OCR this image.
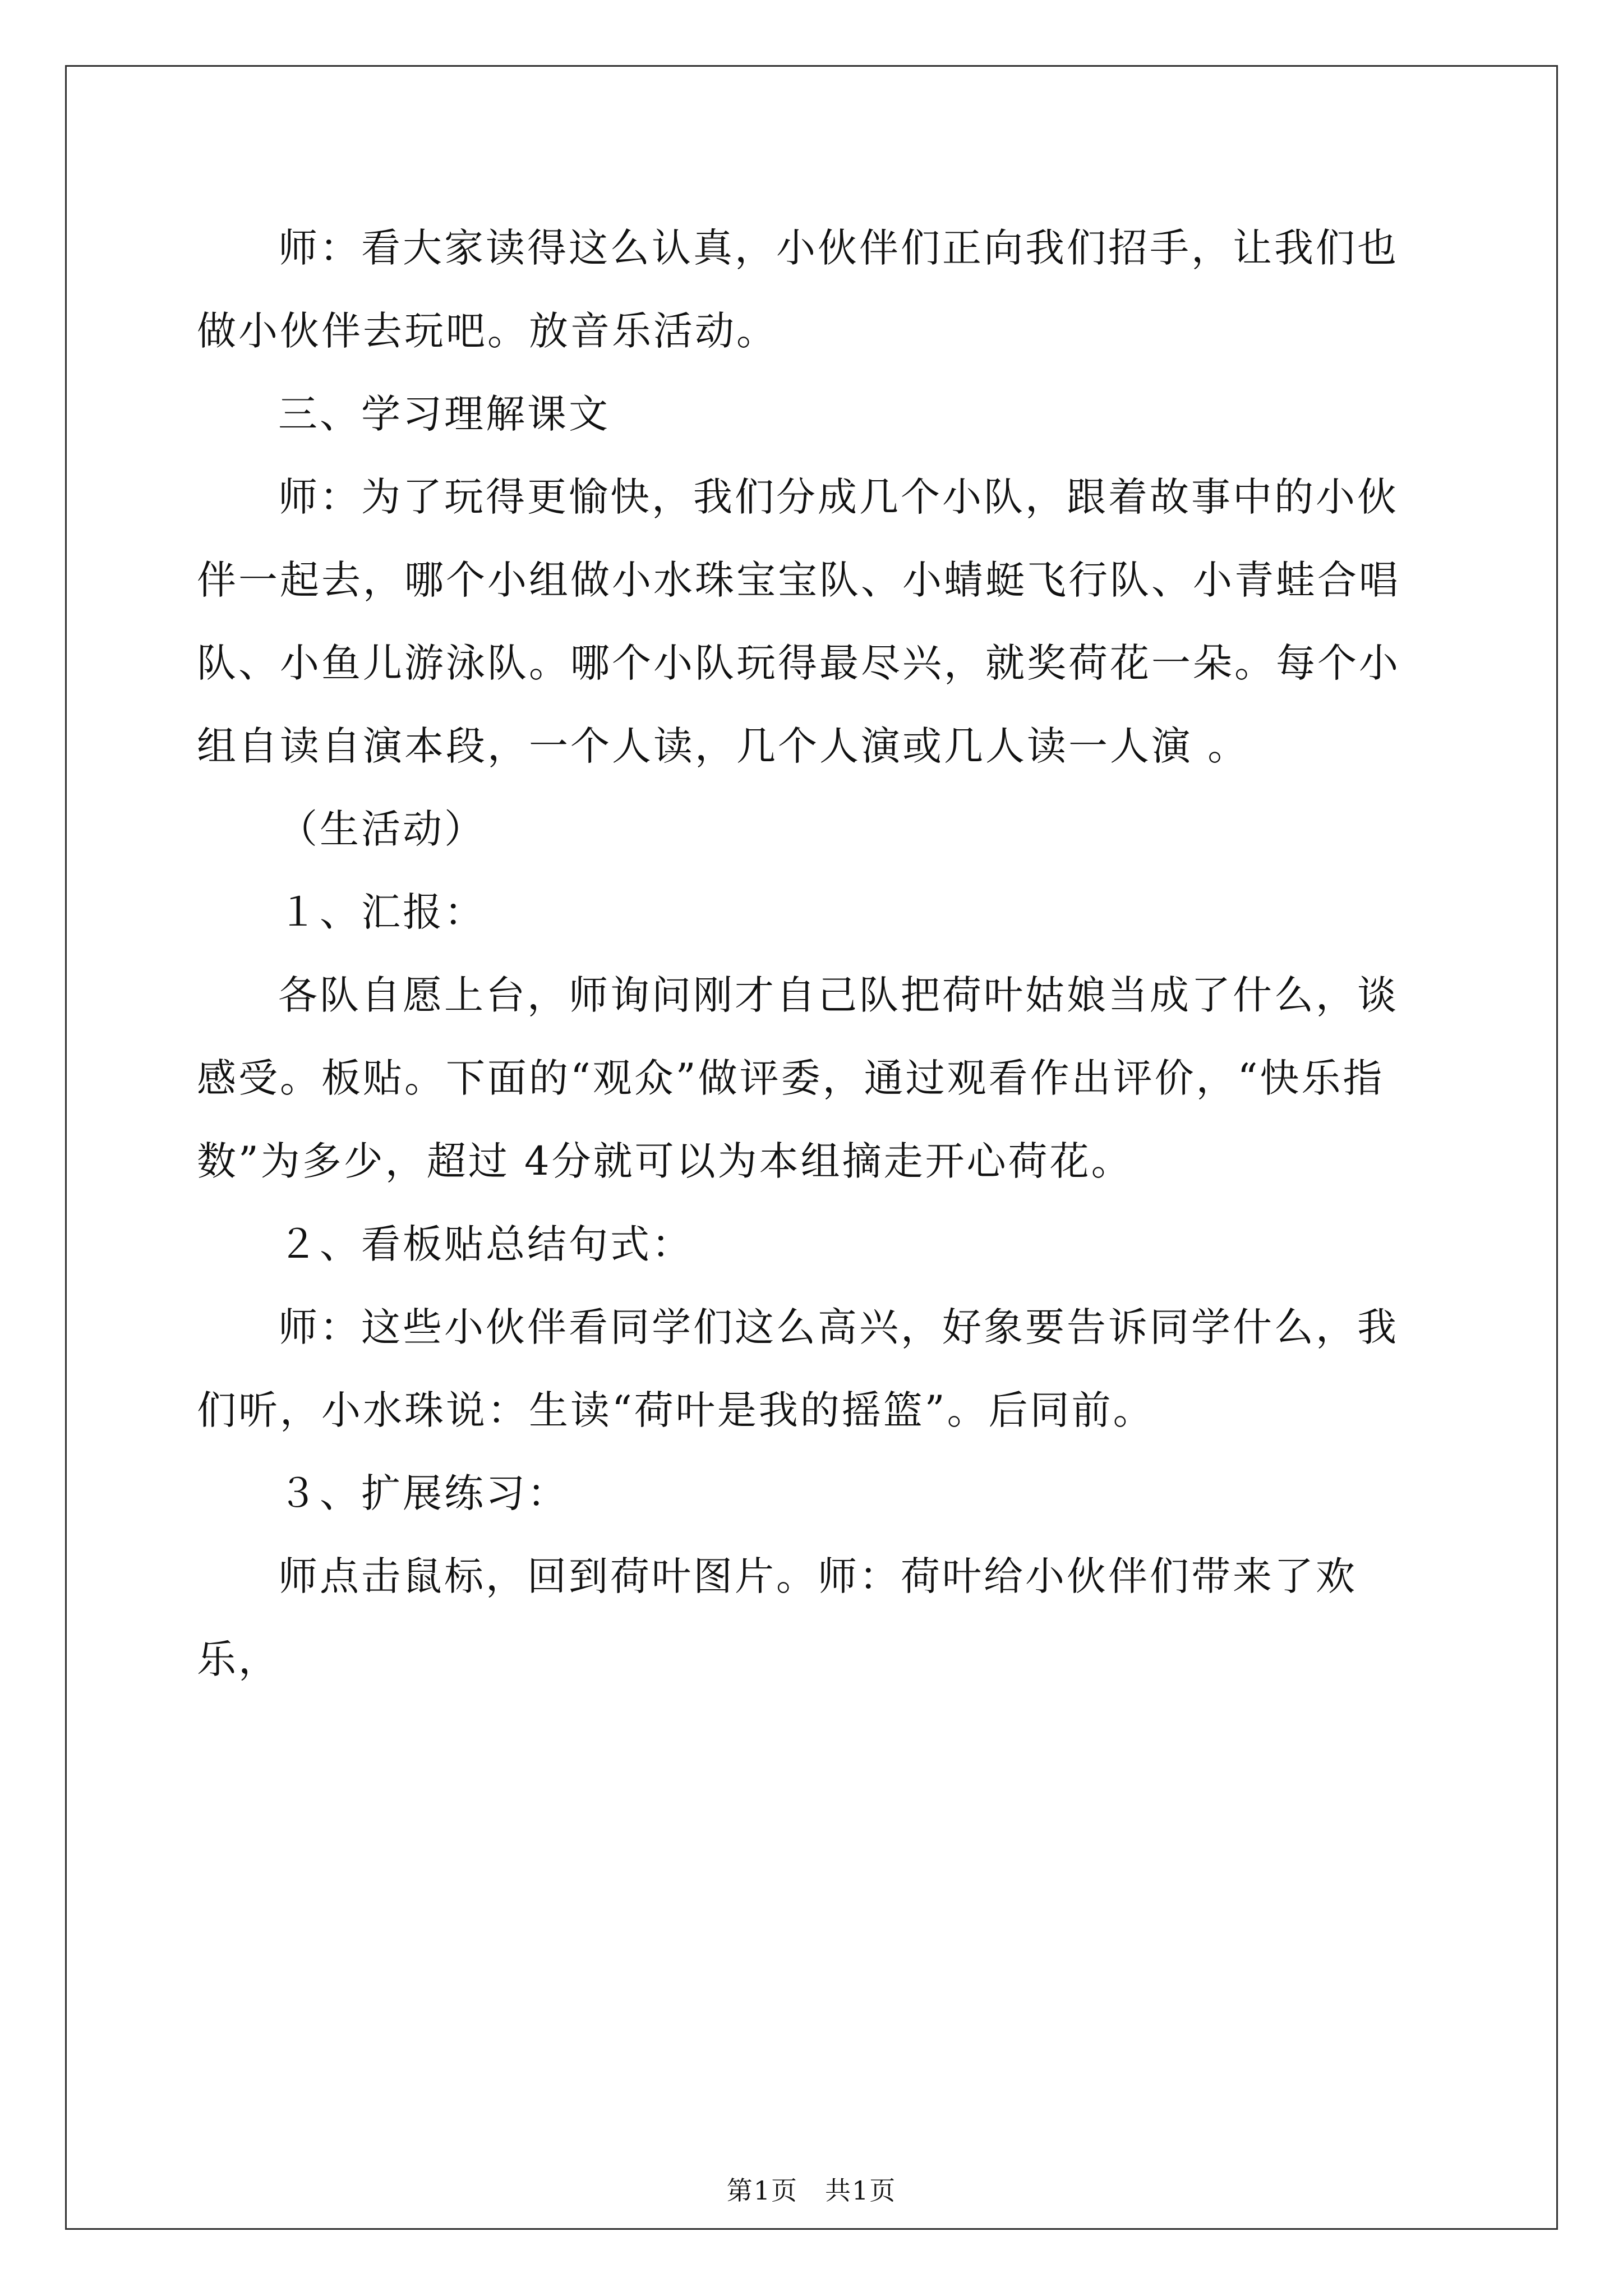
师：看大家读得这么认真，小伙伴们正向我们招手，让我们也做小伙伴去玩吧。放音乐活动。

三、学习理解课文

师：为了玩得更愉快，我们分成几个小队，跟着故事中的小伙伴一起去，哪个小组做小水珠宝宝队、小蜻蜓飞行队、小青蛙合唱队、小鱼儿游泳队。哪个小队玩得最尽兴，就奖荷花一朵。每个小组自读自演本段，一个人读，几个人演或几人读一人演 。

（生活动）

１、汇报：

各队自愿上台，师询问刚才自己队把荷叶姑娘当成了什么，谈感受。板贴。下面的“观众”做评委，通过观看作出评价，“快乐指数”为多少，超过 4分就可以为本组摘走开心荷花。

２、看板贴总结句式：

师：这些小伙伴看同学们这么高兴，好象要告诉同学什么，我们听，小水珠说：生读“荷叶是我的摇篮”。后同前。

３、扩展练习：

师点击鼠标，回到荷叶图片。师：荷叶给小伙伴们带来了欢乐，

第1页　共1页
